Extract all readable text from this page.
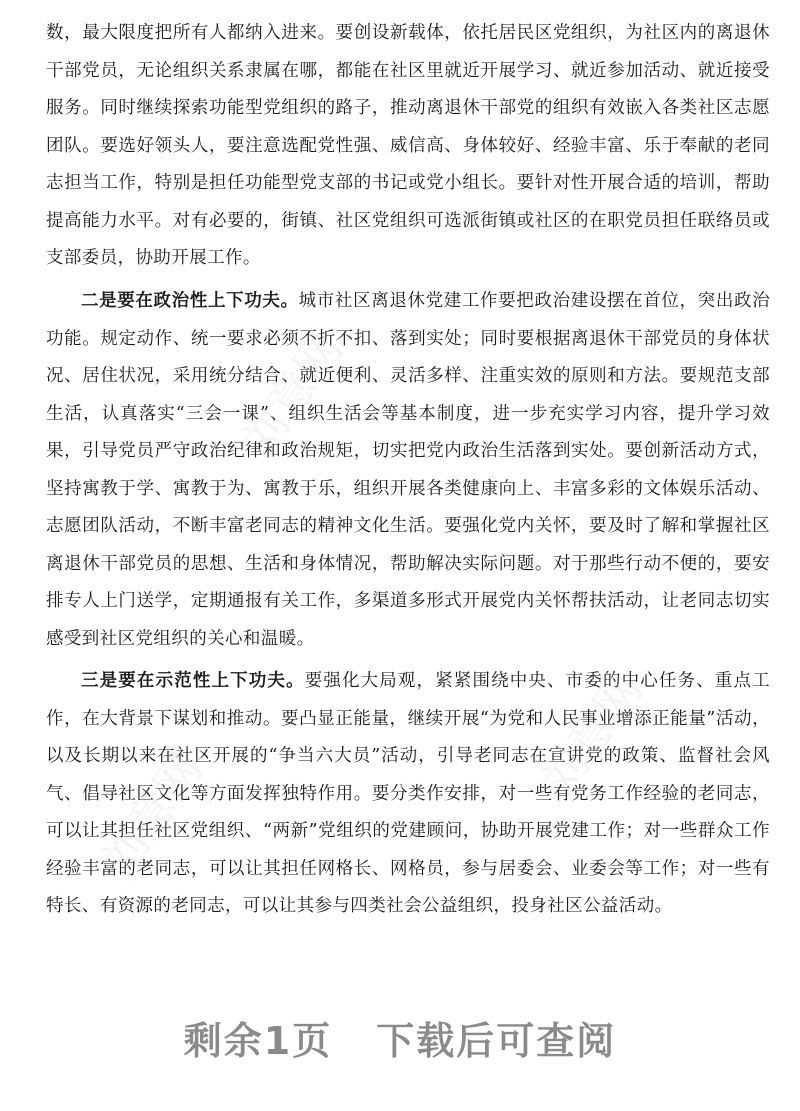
数，最大限度把所有人都纳入进来。要创设新载体，依托居民区党组织，为社区内的离退休干部党员，无论组织关系隶属在哪，都能在社区里就近开展学习、就近参加活动、就近接受服务。同时继续探索功能型党组织的路子，推动离退休干部党的组织有效嵌入各类社区志愿团队。要选好领头人，要注意选配党性强、威信高、身体较好、经验丰富、乐于奉献的老同志担当工作，特别是担任功能型党支部的书记或党小组长。要针对性开展合适的培训，帮助提高能力水平。对有必要的，街镇、社区党组织可选派街镇或社区的在职党员担任联络员或支部委员，协助开展工作。
二是要在政治性上下功夫。城市社区离退休党建工作要把政治建设摆在首位，突出政治功能。规定动作、统一要求必须不折不扣、落到实处；同时要根据离退休干部党员的身体状况、居住状况，采用统分结合、就近便利、灵活多样、注重实效的原则和方法。要规范支部生活，认真落实“三会一课”、组织生活会等基本制度，进一步充实学习内容，提升学习效果，引导党员严守政治纪律和政治规矩，切实把党内政治生活落到实处。要创新活动方式，坚持寓教于学、寓教于为、寓教于乐，组织开展各类健康向上、丰富多彩的文体娱乐活动、志愿团队活动，不断丰富老同志的精神文化生活。要强化党内关怀，要及时了解和掌握社区离退休干部党员的思想、生活和身体情况，帮助解决实际问题。对于那些行动不便的，要安排专人上门送学，定期通报有关工作，多渠道多形式开展党内关怀帮扶活动，让老同志切实感受到社区党组织的关心和温暖。
三是要在示范性上下功夫。要强化大局观，紧紧围绕中央、市委的中心任务、重点工作，在大背景下谋划和推动。要凸显正能量，继续开展“为党和人民事业增添正能量”活动，以及长期以来在社区开展的“争当六大员”活动，引导老同志在宣讲党的政策、监督社会风气、倡导社区文化等方面发挥独特作用。要分类作安排，对一些有党务工作经验的老同志，可以让其担任社区党组织、“两新”党组织的党建顾问，协助开展党建工作；对一些群众工作经验丰富的老同志，可以让其担任网格长、网格员，参与居委会、业委会等工作；对一些有特长、有资源的老同志，可以让其参与四类社会公益组织，投身社区公益活动。
刘意网
刘意网
刘意网
剩余1页 下载后可查阅
